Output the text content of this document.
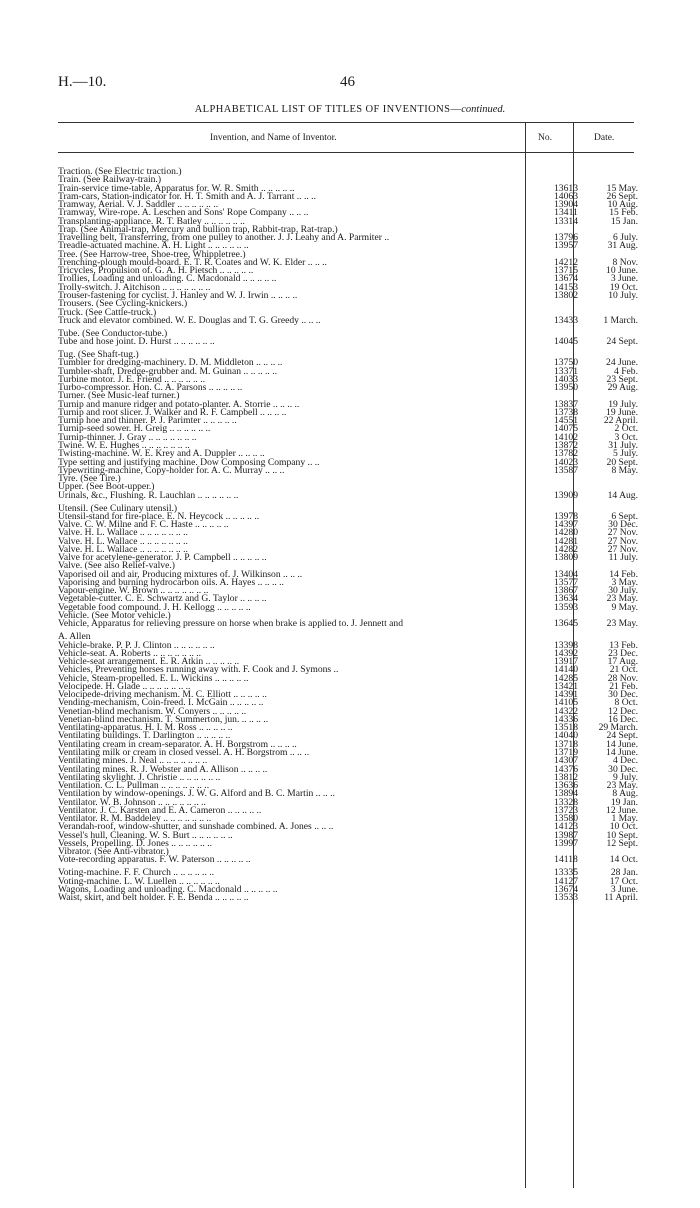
H.—10.	46
ALPHABETICAL LIST OF TITLES OF INVENTIONS—continued.
Invention, and Name of Inventor.	No.	Date.
Traction. (See Electric traction.)
Train. (See Railway-train.)
Train-service time-table, Apparatus for. W. R. Smith .. .. .. .. ..	13613	15 May.
Tram-cars, Station-indicator for. H. T. Smith and A. J. Tarrant .. .. ..	14063	26 Sept.
Tramway, Aerial. V. J. Saddler .. .. .. .. .. ..	13904	10 Aug.
Tramway, Wire-rope. A. Leschen and Sons' Rope Company .. .. ..	13411	15 Feb.
Transplanting-appliance. R. T. Batley .. .. .. .. .. ..	13314	15 Jan.
Trap. (See Animal-trap, Mercury and bullion trap, Rabbit-trap, Rat-trap.)
Travelling belt, Transferring, from one pulley to another. J. J. Leahy and A. Parmiter ..	13796	6 July.
Treadle-actuated machine. A. H. Light .. .. .. .. .. ..	13957	31 Aug.
Tree. (See Harrow-tree, Shoe-tree, Whippletree.)
Trenching-plough mould-board. E. T. R. Coates and W. K. Elder .. .. ..	14212	8 Nov.
Tricycles, Propulsion of. G. A. H. Pietsch .. .. .. .. ..	13715	10 June.
Trollies, Loading and unloading. C. Macdonald .. .. .. .. ..	13674	3 June.
Trolly-switch. J. Aitchison .. .. .. .. .. .. ..	14153	19 Oct.
Trouser-fastening for cyclist. J. Hanley and W. J. Irwin .. .. .. ..	13802	10 July.
Trousers. (See Cycling-knickers.)
Truck. (See Cattle-truck.)
Truck and elevator combined. W. E. Douglas and T. G. Greedy .. .. ..	13433	1 March.
Tube. (See Conductor-tube.)
Tube and hose joint. D. Hurst .. .. .. .. .. ..	14045	24 Sept.
Tug. (See Shaft-tug.)
Tumbler for dredging-machinery. D. M. Middleton .. .. .. ..	13750	24 June.
Tumbler-shaft, Dredge-grubber and. M. Guinan .. .. .. .. ..	13371	4 Feb.
Turbine motor. J. E. Friend .. .. .. .. .. ..	14033	23 Sept.
Turbo-compressor. Hon. C. A. Parsons .. .. .. .. ..	13950	29 Aug.
Turner. (See Music-leaf turner.)
Turnip and manure ridger and potato-planter. A. Storrie .. .. .. ..	13837	19 July.
Turnip and root slicer. J. Walker and R. F. Campbell .. .. .. ..	13738	19 June.
Turnip hoe and thinner. P. J. Parimter .. .. .. .. ..	14551	22 April.
Turnip-seed sower. H. Greig .. .. .. .. .. ..	14075	2 Oct.
Turnip-thinner. J. Gray .. .. .. .. .. .. ..	14102	3 Oct.
Twine. W. E. Hughes .. .. .. .. .. .. ..	13872	31 July.
Twisting-machine. W. E. Krey and A. Duppler .. .. .. ..	13782	5 July.
Type setting and justifying machine. Dow Composing Company .. ..	14023	20 Sept.
Typewriting-machine, Copy-holder for. A. C. Murray .. .. ..	13587	8 May.
Tyre. (See Tire.)
Upper. (See Boot-upper.)
Urinals, &c., Flushing. R. Lauchlan .. .. .. .. .. ..	13909	14 Aug.
Utensil. (See Culinary utensil.)
Utensil-stand for fire-place. E. N. Heycock .. .. .. .. ..	13978	6 Sept.
Valve. C. W. Milne and F. C. Haste .. .. .. .. ..	14397	30 Dec.
Valve. H. L. Wallace .. .. .. .. .. .. ..	14280	27 Nov.
Valve. H. L. Wallace .. .. .. .. .. .. ..	14281	27 Nov.
Valve. H. L. Wallace .. .. .. .. .. .. ..	14282	27 Nov.
Valve for acetylene-generator. J. P. Campbell .. .. .. .. ..	13809	11 July.
Valve. (See also Relief-valve.)
Vaporised oil and air, Producing mixtures of. J. Wilkinson .. .. ..	13404	14 Feb.
Vaporising and burning hydrocarbon oils. A. Hayes .. .. .. ..	13577	3 May.
Vapour-engine. W. Brown .. .. .. .. .. .. ..	13867	30 July.
Vegetable-cutter. C. E. Schwartz and G. Taylor .. .. .. ..	13634	23 May.
Vegetable food compound. J. H. Kellogg .. .. .. .. ..	13593	9 May.
Vehicle. (See Motor vehicle.)
Vehicle, Apparatus for relieving pressure on horse when brake is applied to. J. Jennett and	13645	23 May.
A. Allen
Vehicle-brake. P. P. J. Clinton .. .. .. .. .. ..	13398	13 Feb.
Vehicle-seat. A. Roberts .. .. .. .. .. .. ..	14392	23 Dec.
Vehicle-seat arrangement. E. R. Atkin .. .. .. .. ..	13917	17 Aug.
Vehicles, Preventing horses running away with. F. Cook and J. Symons ..	14140	21 Oct.
Vehicle, Steam-propelled. E. L. Wickins .. .. .. .. ..	14285	28 Nov.
Velocipede. H. Glade .. .. .. .. .. .. ..	13421	21 Feb.
Velocipede-driving mechanism. M. C. Elliott .. .. .. .. ..	14391	30 Dec.
Vending-mechanism, Coin-freed. I. McGain .. .. .. .. ..	14105	8 Oct.
Venetian-blind mechanism. W. Conyers .. .. .. .. ..	14322	12 Dec.
Venetian-blind mechanism. T. Summerton, jun. .. .. .. ..	14336	16 Dec.
Ventilating-apparatus. H. I. M. Ross .. .. .. .. ..	13518	29 March.
Ventilating buildings. T. Darlington .. .. .. .. ..	14040	24 Sept.
Ventilating cream in cream-separator. A. H. Borgstrom .. .. .. ..	13718	14 June.
Ventilating milk or cream in closed vessel. A. H. Borgstrom .. .. ..	13719	14 June.
Ventilating mines. J. Neal .. .. .. .. .. .. ..	14307	4 Dec.
Ventilating mines. R. J. Webster and A. Allison .. .. .. ..	14376	30 Dec.
Ventilating skylight. J. Christie .. .. .. .. .. ..	13812	9 July.
Ventilation. C. L. Pullman .. .. .. .. .. .. ..	13636	23 May.
Ventilation by window-openings. J. W. G. Alford and B. C. Martin .. .. ..	13894	8 Aug.
Ventilator. W. B. Johnson .. .. .. .. .. .. ..	13328	19 Jan.
Ventilator. J. C. Karsten and E. A. Cameron .. .. .. .. ..	13723	12 June.
Ventilator. R. M. Baddeley .. .. .. .. .. .. ..	13580	1 May.
Verandah-roof, window-shutter, and sunshade combined. A. Jones .. .. ..	14123	10 Oct.
Vessel's hull, Cleaning. W. S. Burt .. .. .. .. .. ..	13987	10 Sept.
Vessels, Propelling. D. Jones .. .. .. .. .. ..	13997	12 Sept.
Vibrator. (See Anti-vibrator.)
Vote-recording apparatus. F. W. Paterson .. .. .. .. ..	14118	14 Oct.
Voting-machine. F. F. Church .. .. .. .. .. ..	13335	28 Jan.
Voting-machine. L. W. Luellen .. .. .. .. .. ..	14127	17 Oct.
Wagons, Loading and unloading. C. Macdonald .. .. .. .. ..	13674	3 June.
Waist, skirt, and belt holder. F. E. Benda .. .. .. .. ..	13533	11 April.
